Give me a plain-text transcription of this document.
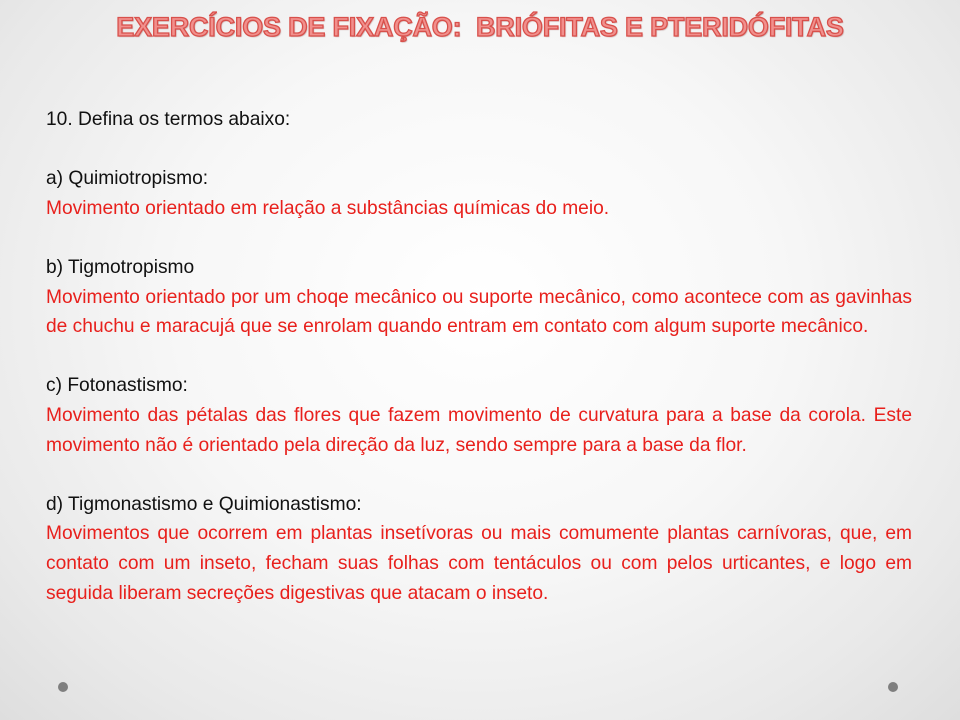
EXERCÍCIOS DE FIXAÇÃO:  BRIÓFITAS E PTERIDÓFITAS

10. Defina os termos abaixo:

a) Quimiotropismo:

Movimento orientado em relação a substâncias químicas do meio.

b) Tigmotropismo

Movimento orientado por um choqe mecânico ou suporte mecânico, como acontece com as gavinhas de chuchu e maracujá que se enrolam quando entram em contato com algum suporte mecânico.

c) Fotonastismo:

Movimento das pétalas das flores que fazem movimento de curvatura para a base da corola. Este movimento não é orientado pela direção da luz, sendo sempre para a base da flor.

d) Tigmonastismo e Quimionastismo:

Movimentos que ocorrem em plantas insetívoras ou mais comumente plantas carnívoras, que, em contato com um inseto, fecham suas folhas com tentáculos ou com pelos urticantes, e logo em seguida liberam secreções digestivas que atacam o inseto.
